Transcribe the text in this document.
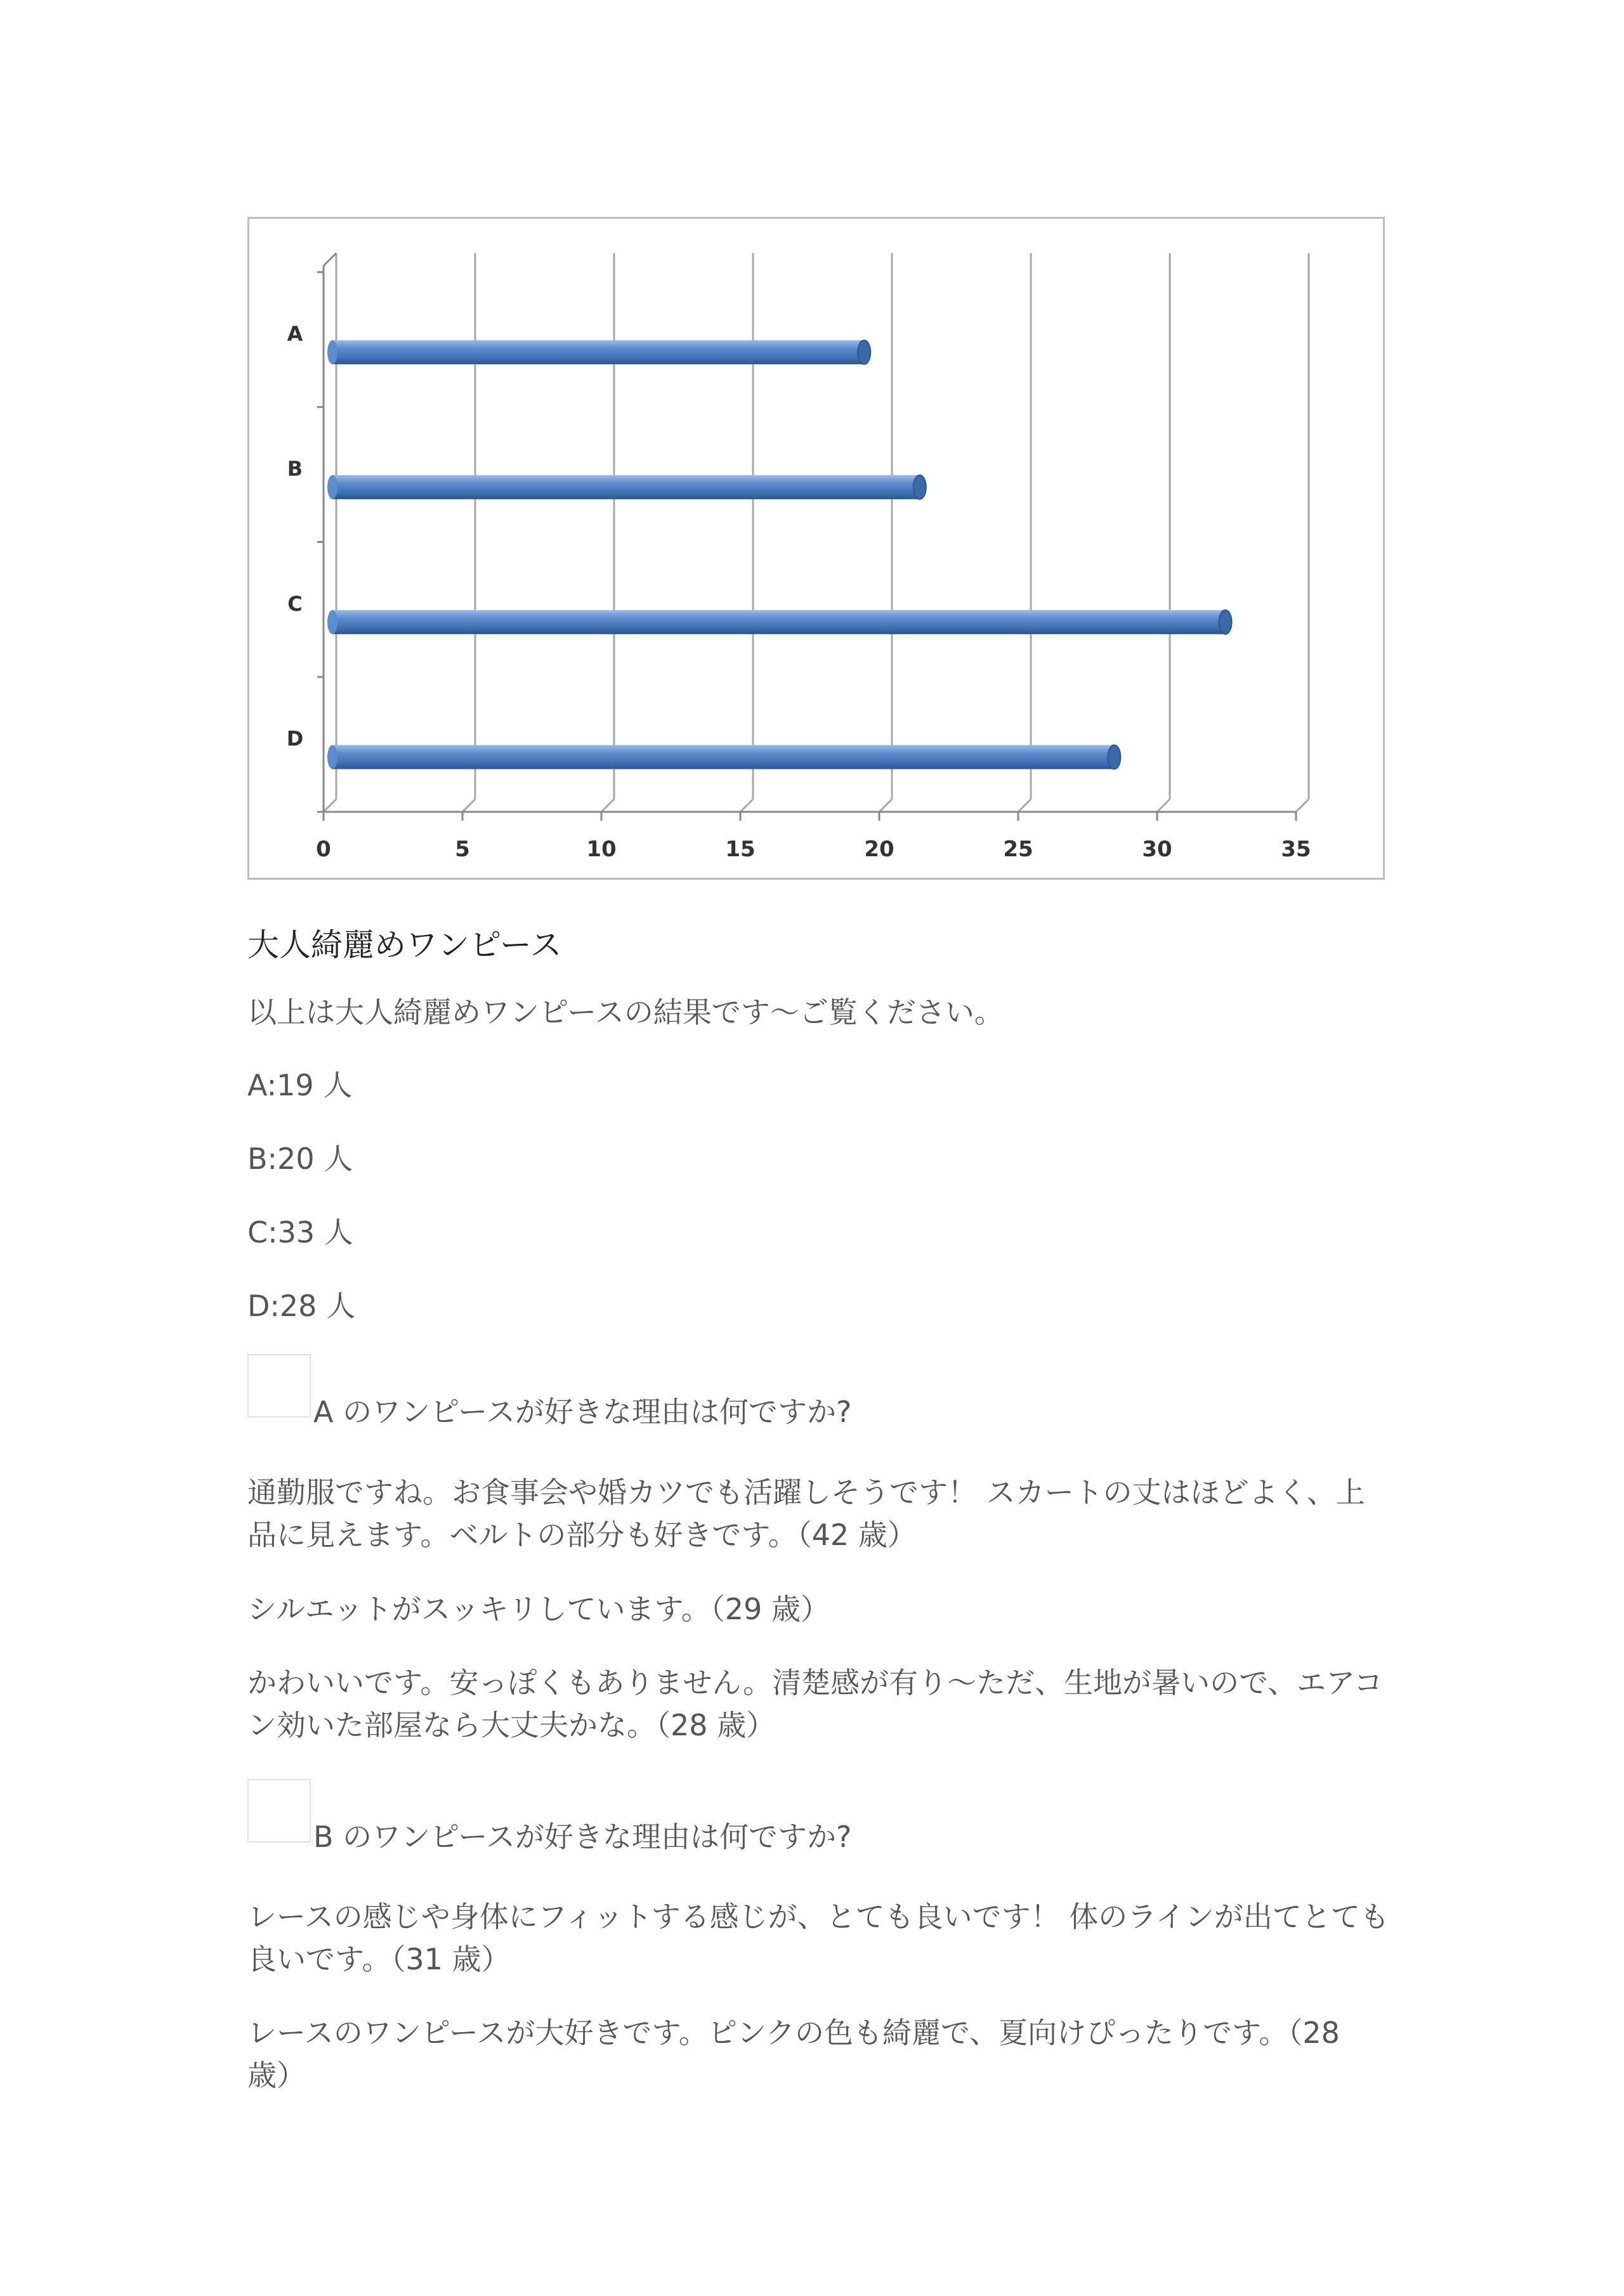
0	5	10	15	20	25	30	35
A
B
C
D
大人綺麗めワンピース
以上は大人綺麗めワンピースの結果です～ご覧ください。
A:19 人
B:20 人
C:33 人
D:28 人
A のワンピースが好きな理由は何ですか?
通勤服ですね。お食事会や婚カツでも活躍しそうです！ スカートの丈はほどよく、上品に見えます。ベルトの部分も好きです。（42 歳）
シルエットがスッキリしています。（29 歳）
かわいいです。安っぽくもありません。清楚感が有り～ただ、生地が暑いので、エアコン効いた部屋なら大丈夫かな。（28 歳）
B のワンピースが好きな理由は何ですか?
レースの感じや身体にフィットする感じが、とても良いです！ 体のラインが出てとても良いです。（31 歳）
レースのワンピースが大好きです。ピンクの色も綺麗で、夏向けぴったりです。（28 歳）
